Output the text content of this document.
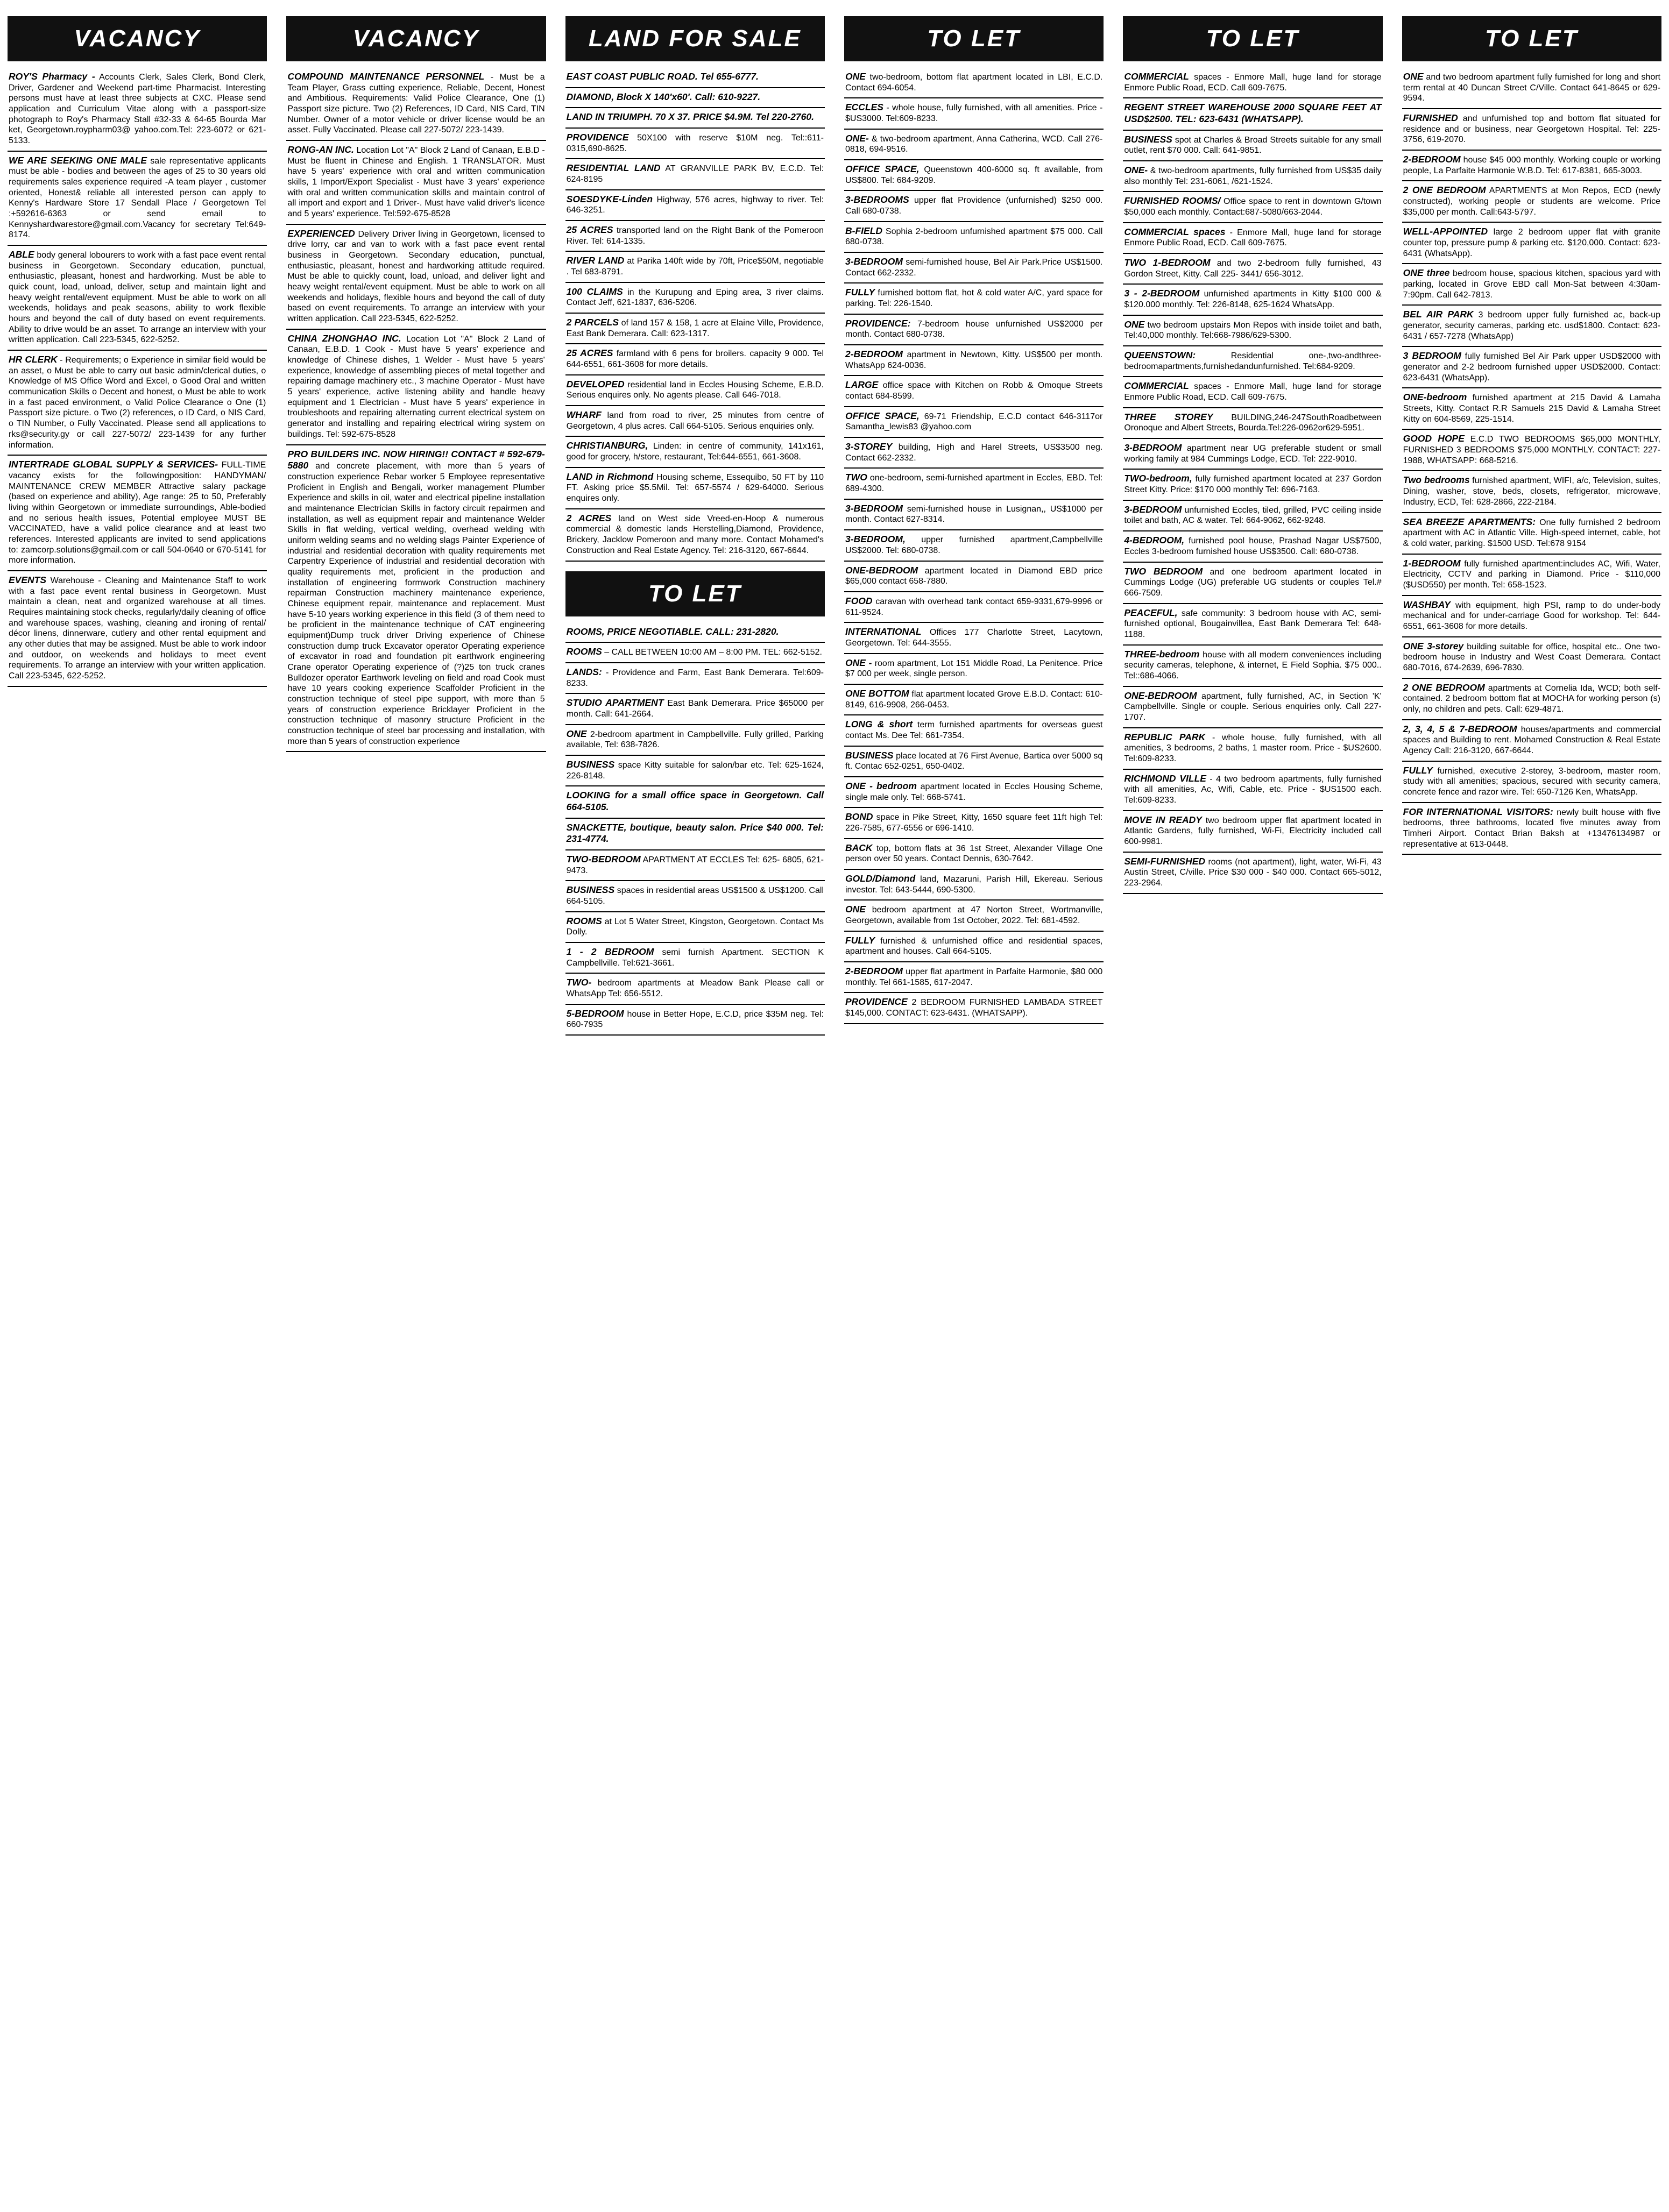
VACANCY
ROY'S Pharmacy - Accounts Clerk, Sales Clerk, Bond Clerk, Driver, Gardener and Weekend part-time Pharmacist. Interesting persons must have at least three subjects at CXC. Please send application and Curriculum Vitae along with a passport-size photograph to Roy's Pharmacy Stall #32-33 & 64-65 Bourda Mar ket, Georgetown.roypharm03@ yahoo.com.Tel: 223-6072 or 621-5133.
WE ARE SEEKING ONE MALE sale representative applicants must be able - bodies and between the ages of 25 to 30 years old requirements sales experience required -A team player , customer oriented, Honest& reliable all interested person can apply to Kenny's Hardware Store 17 Sendall Place / Georgetown Tel :+592616-6363 or send email to Kennyshardwarestore@gmail.com.Vacancy for secretary Tel:649-8174.
ABLE body general lobourers to work with a fast pace event rental business in Georgetown. Secondary education, punctual, enthusiastic, pleasant, honest and hardworking. Must be able to quick count, load, unload, deliver, setup and maintain light and heavy weight rental/event equipment. Must be able to work on all weekends, holidays and peak seasons, ability to work flexible hours and beyond the call of duty based on event requirements. Ability to drive would be an asset. To arrange an interview with your written application. Call 223-5345, 622-5252.
HR CLERK - Requirements; o Experience in similar field would be an asset, o Must be able to carry out basic admin/clerical duties, o Knowledge of MS Office Word and Excel, o Good Oral and written communication Skills o Decent and honest, o Must be able to work in a fast paced environment, o Valid Police Clearance o One (1) Passport size picture. o Two (2) references, o ID Card, o NIS Card, o TIN Number, o Fully Vaccinated. Please send all applications to rks@security.gy or call 227-5072/ 223-1439 for any further information.
INTERTRADE GLOBAL SUPPLY & SERVICES- FULL-TIME vacancy exists for the followingposition: HANDYMAN/ MAINTENANCE CREW MEMBER Attractive salary package (based on experience and ability), Age range: 25 to 50, Preferably living within Georgetown or immediate surroundings, Able-bodied and no serious health issues, Potential employee MUST BE VACCINATED, have a valid police clearance and at least two references. Interested applicants are invited to send applications to: zamcorp.solutions@gmail.com or call 504-0640 or 670-5141 for more information.
EVENTS Warehouse - Cleaning and Maintenance Staff to work with a fast pace event rental business in Georgetown. Must maintain a clean, neat and organized warehouse at all times. Requires maintaining stock checks, regularly/daily cleaning of office and warehouse spaces, washing, cleaning and ironing of rental/ décor linens, dinnerware, cutlery and other rental equipment and any other duties that may be assigned. Must be able to work indoor and outdoor, on weekends and holidays to meet event requirements. To arrange an interview with your written application. Call 223-5345, 622-5252.
VACANCY
COMPOUND MAINTENANCE PERSONNEL - Must be a Team Player, Grass cutting experience, Reliable, Decent, Honest and Ambitious. Requirements: Valid Police Clearance, One (1) Passport size picture. Two (2) References, ID Card, NIS Card, TIN Number. Owner of a motor vehicle or driver license would be an asset. Fully Vaccinated. Please call 227-5072/ 223-1439.
RONG-AN INC. Location Lot "A" Block 2 Land of Canaan, E.B.D - Must be fluent in Chinese and English. 1 TRANSLATOR. Must have 5 years' experience with oral and written communication skills, 1 Import/Export Specialist - Must have 3 years' experience with oral and written communication skills and maintain control of all import and export and 1 Driver-. Must have valid driver's licence and 5 years' experience. Tel:592-675-8528
EXPERIENCED Delivery Driver living in Georgetown, licensed to drive lorry, car and van to work with a fast pace event rental business in Georgetown. Secondary education, punctual, enthusiastic, pleasant, honest and hardworking attitude required. Must be able to quickly count, load, unload, and deliver light and heavy weight rental/event equipment. Must be able to work on all weekends and holidays, flexible hours and beyond the call of duty based on event requirements. To arrange an interview with your written application. Call 223-5345, 622-5252.
CHINA ZHONGHAO INC. Location Lot "A" Block 2 Land of Canaan, E.B.D. 1 Cook - Must have 5 years' experience and knowledge of Chinese dishes, 1 Welder - Must have 5 years' experience, knowledge of assembling pieces of metal together and repairing damage machinery etc., 3 machine Operator - Must have 5 years' experience, active listening ability and handle heavy equipment and 1 Electrician - Must have 5 years' experience in troubleshoots and repairing alternating current electrical system on generator and installing and repairing electrical wiring system on buildings. Tel: 592-675-8528
PRO BUILDERS INC. NOW HIRING!! CONTACT # 592-679-5880 and concrete placement, with more than 5 years of construction experience Rebar worker 5 Employee representative Proficient in English and Bengali, worker management Plumber Experience and skills in oil, water and electrical pipeline installation and maintenance Electrician Skills in factory circuit repairmen and installation, as well as equipment repair and maintenance Welder Skills in flat welding, vertical welding, overhead welding with uniform welding seams and no welding slags Painter Experience of industrial and residential decoration with quality requirements met Carpentry Experience of industrial and residential decoration with quality requirements met, proficient in the production and installation of engineering formwork Construction machinery repairman Construction machinery maintenance experience, Chinese equipment repair, maintenance and replacement. Must have 5-10 years working experience in this field (3 of them need to be proficient in the maintenance technique of CAT engineering equipment)Dump truck driver Driving experience of Chinese construction dump truck Excavator operator Operating experience of excavator in road and foundation pit earthwork engineering Crane operator Operating experience of (?)25 ton truck cranes Bulldozer operator Earthwork leveling on field and road Cook must have 10 years cooking experience Scaffolder Proficient in the construction technique of steel pipe support, with more than 5 years of construction experience Bricklayer Proficient in the construction technique of masonry structure Proficient in the construction technique of steel bar processing and installation, with more than 5 years of construction experience
LAND FOR SALE
EAST COAST PUBLIC ROAD. Tel 655-6777.
DIAMOND, Block X 140'x60'. Call: 610-9227.
LAND IN TRIUMPH. 70 X 37. PRICE $4.9M. Tel 220-2760.
PROVIDENCE 50X100 with reserve $10M neg. Tel::611-0315,690-8625.
RESIDENTIAL LAND AT GRANVILLE PARK BV, E.C.D. Tel: 624-8195
SOESDYKE-Linden Highway, 576 acres, highway to river. Tel: 646-3251.
25 ACRES transported land on the Right Bank of the Pomeroon River. Tel: 614-1335.
RIVER LAND at Parika 140ft wide by 70ft, Price$50M, negotiable . Tel 683-8791.
100 CLAIMS in the Kurupung and Eping area, 3 river claims. Contact Jeff, 621-1837, 636-5206.
2 PARCELS of land 157 & 158, 1 acre at Elaine Ville, Providence, East Bank Demerara. Call: 623-1317.
25 ACRES farmland with 6 pens for broilers. capacity 9 000. Tel 644-6551, 661-3608 for more details.
DEVELOPED residential land in Eccles Housing Scheme, E.B.D. Serious enquires only. No agents please. Call 646-7018.
WHARF land from road to river, 25 minutes from centre of Georgetown, 4 plus acres. Call 664-5105. Serious enquiries only.
CHRISTIANBURG, Linden: in centre of community, 141x161, good for grocery, h/store, restaurant, Tel:644-6551, 661-3608.
LAND in Richmond Housing scheme, Essequibo, 50 FT by 110 FT. Asking price $5.5Mil. Tel: 657-5574 / 629-64000. Serious enquires only.
2 ACRES land on West side Vreed-en-Hoop & numerous commercial & domestic lands Herstelling,Diamond, Providence, Brickery, Jacklow Pomeroon and many more. Contact Mohamed's Construction and Real Estate Agency. Tel: 216-3120, 667-6644.
TO LET
ROOMS, PRICE NEGOTIABLE. CALL: 231-2820.
ROOMS – CALL BETWEEN 10:00 AM – 8:00 PM. TEL: 662-5152.
LANDS: - Providence and Farm, East Bank Demerara. Tel:609-8233.
STUDIO APARTMENT East Bank Demerara. Price $65000 per month. Call: 641-2664.
ONE 2-bedroom apartment in Campbellville. Fully grilled, Parking available, Tel: 638-7826.
BUSINESS space Kitty suitable for salon/bar etc. Tel: 625-1624, 226-8148.
LOOKING for a small office space in Georgetown. Call 664-5105.
SNACKETTE, boutique, beauty salon. Price $40 000. Tel: 231-4774.
TWO-BEDROOM APARTMENT AT ECCLES Tel: 625- 6805, 621-9473.
BUSINESS spaces in residential areas US$1500 & US$1200. Call 664-5105.
ROOMS at Lot 5 Water Street, Kingston, Georgetown. Contact Ms Dolly.
1 - 2 BEDROOM semi furnish Apartment. SECTION K Campbellville. Tel:621-3661.
TWO- bedroom apartments at Meadow Bank Please call or WhatsApp Tel: 656-5512.
5-BEDROOM house in Better Hope, E.C.D, price $35M neg. Tel: 660-7935
TO LET
ONE two-bedroom, bottom flat apartment located in LBI, E.C.D. Contact 694-6054.
ECCLES - whole house, fully furnished, with all amenities. Price - $US3000. Tel:609-8233.
ONE- & two-bedroom apartment, Anna Catherina, WCD. Call 276-0818, 694-9516.
OFFICE SPACE, Queenstown 400-6000 sq. ft available, from US$800. Tel: 684-9209.
3-BEDROOMS upper flat Providence (unfurnished) $250 000. Call 680-0738.
B-FIELD Sophia 2-bedroom unfurnished apartment $75 000. Call 680-0738.
3-BEDROOM semi-furnished house, Bel Air Park.Price US$1500. Contact 662-2332.
FULLY furnished bottom flat, hot & cold water A/C, yard space for parking. Tel: 226-1540.
PROVIDENCE: 7-bedroom house unfurnished US$2000 per month. Contact 680-0738.
2-BEDROOM apartment in Newtown, Kitty. US$500 per month. WhatsApp 624-0036.
LARGE office space with Kitchen on Robb & Omoque Streets contact 684-8599.
OFFICE SPACE, 69-71 Friendship, E.C.D contact 646-3117or Samantha_lewis83 @yahoo.com
3-STOREY building, High and Harel Streets, US$3500 neg. Contact 662-2332.
TWO one-bedroom, semi-furnished apartment in Eccles, EBD. Tel: 689-4300.
3-BEDROOM semi-furnished house in Lusignan,, US$1000 per month. Contact 627-8314.
3-BEDROOM, upper furnished apartment,Campbellville US$2000. Tel: 680-0738.
ONE-BEDROOM apartment located in Diamond EBD price $65,000 contact 658-7880.
FOOD caravan with overhead tank contact 659-9331,679-9996 or 611-9524.
INTERNATIONAL Offices 177 Charlotte Street, Lacytown, Georgetown. Tel: 644-3555.
ONE - room apartment, Lot 151 Middle Road, La Penitence. Price $7 000 per week, single person.
ONE BOTTOM flat apartment located Grove E.B.D. Contact: 610-8149, 616-9908, 266-0453.
LONG & short term furnished apartments for overseas guest contact Ms. Dee Tel: 661-7354.
BUSINESS place located at 76 First Avenue, Bartica over 5000 sq ft. Contac 652-0251, 650-0402.
ONE - bedroom apartment located in Eccles Housing Scheme, single male only. Tel: 668-5741.
BOND space in Pike Street, Kitty, 1650 square feet 11ft high Tel: 226-7585, 677-6556 or 696-1410.
BACK top, bottom flats at 36 1st Street, Alexander Village One person over 50 years. Contact Dennis, 630-7642.
GOLD/Diamond land, Mazaruni, Parish Hill, Ekereau. Serious investor. Tel: 643-5444, 690-5300.
ONE bedroom apartment at 47 Norton Street, Wortmanville, Georgetown, available from 1st October, 2022. Tel: 681-4592.
FULLY furnished & unfurnished office and residential spaces, apartment and houses. Call 664-5105.
2-BEDROOM upper flat apartment in Parfaite Harmonie, $80 000 monthly. Tel 661-1585, 617-2047.
PROVIDENCE 2 BEDROOM FURNISHED LAMBADA STREET $145,000. CONTACT: 623-6431. (WHATSAPP).
TO LET
COMMERCIAL spaces - Enmore Mall, huge land for storage Enmore Public Road, ECD. Call 609-7675.
REGENT STREET WAREHOUSE 2000 SQUARE FEET AT USD$2500. TEL: 623-6431 (WHATSAPP).
BUSINESS spot at Charles & Broad Streets suitable for any small outlet, rent $70 000. Call: 641-9851.
ONE- & two-bedroom apartments, fully furnished from US$35 daily also monthly Tel: 231-6061, /621-1524.
FURNISHED ROOMS/ Office space to rent in downtown G/town $50,000 each monthly. Contact:687-5080/663-2044.
COMMERCIAL spaces - Enmore Mall, huge land for storage Enmore Public Road, ECD. Call 609-7675.
TWO 1-BEDROOM and two 2-bedroom fully furnished, 43 Gordon Street, Kitty. Call 225- 3441/ 656-3012.
3 - 2-BEDROOM unfurnished apartments in Kitty $100 000 & $120.000 monthly. Tel: 226-8148, 625-1624 WhatsApp.
ONE two bedroom upstairs Mon Repos with inside toilet and bath, Tel:40,000 monthly. Tel:668-7986/629-5300.
QUEENSTOWN:	Residential one-,two-andthree-bedroomapartments,furnishedandunfurnished. Tel:684-9209.
COMMERCIAL spaces - Enmore Mall, huge land for storage Enmore Public Road, ECD. Call 609-7675.
THREE STOREY BUILDING,246-247SouthRoadbetween Oronoque and Albert Streets, Bourda.Tel:226-0962or629-5951.
3-BEDROOM apartment near UG preferable student or small working family at 984 Cummings Lodge, ECD. Tel: 222-9010.
TWO-bedroom, fully furnished apartment located at 237 Gordon Street Kitty. Price: $170 000 monthly Tel: 696-7163.
3-BEDROOM unfurnished Eccles, tiled, grilled, PVC ceiling inside toilet and bath, AC & water. Tel: 664-9062, 662-9248.
4-BEDROOM, furnished pool house, Prashad Nagar US$7500, Eccles 3-bedroom furnished house US$3500. Call: 680-0738.
TWO BEDROOM and one bedroom apartment located in Cummings Lodge (UG) preferable UG students or couples Tel.# 666-7509.
PEACEFUL, safe community: 3 bedroom house with AC, semi-furnished optional, Bougainvillea, East Bank Demerara Tel: 648-1188.
THREE-bedroom house with all modern conveniences including security cameras, telephone, & internet, E Field Sophia. $75 000.. Tel::686-4066.
ONE-BEDROOM apartment, fully furnished, AC, in Section 'K' Campbellville. Single or couple. Serious enquiries only. Call 227-1707.
REPUBLIC PARK - whole house, fully furnished, with all amenities, 3 bedrooms, 2 baths, 1 master room. Price - $US2600. Tel:609-8233.
RICHMOND VILLE - 4 two bedroom apartments, fully furnished with all amenities, Ac, Wifi, Cable, etc. Price - $US1500 each. Tel:609-8233.
MOVE IN READY two bedroom upper flat apartment located in Atlantic Gardens, fully furnished, Wi-Fi, Electricity included call 600-9981.
SEMI-FURNISHED rooms (not apartment), light, water, Wi-Fi, 43 Austin Street, C/ville. Price $30 000 - $40 000. Contact 665-5012, 223-2964.
TO LET
ONE and two bedroom apartment fully furnished for long and short term rental at 40 Duncan Street C/Ville. Contact 641-8645 or 629-9594.
FURNISHED and unfurnished top and bottom flat situated for residence and or business, near Georgetown Hospital. Tel: 225-3756, 619-2070.
2-BEDROOM house $45 000 monthly. Working couple or working people, La Parfaite Harmonie W.B.D. Tel: 617-8381, 665-3003.
2 ONE BEDROOM APARTMENTS at Mon Repos, ECD (newly constructed), working people or students are welcome. Price $35,000 per month. Call:643-5797.
WELL-APPOINTED large 2 bedroom upper flat with granite counter top, pressure pump & parking etc. $120,000. Contact: 623-6431 (WhatsApp).
ONE three bedroom house, spacious kitchen, spacious yard with parking, located in Grove EBD call Mon-Sat between 4:30am-7:90pm. Call 642-7813.
BEL AIR PARK 3 bedroom upper fully furnished ac, back-up generator, security cameras, parking etc. usd$1800. Contact: 623-6431 / 657-7278 (WhatsApp)
3 BEDROOM fully furnished Bel Air Park upper USD$2000 with generator and 2-2 bedroom furnished upper USD$2000. Contact: 623-6431 (WhatsApp).
ONE-bedroom furnished apartment at 215 David & Lamaha Streets, Kitty. Contact R.R Samuels 215 David & Lamaha Street Kitty on 604-8569, 225-1514.
GOOD HOPE E.C.D TWO BEDROOMS $65,000 MONTHLY, FURNISHED 3 BEDROOMS $75,000 MONTHLY. CONTACT: 227-1988, WHATSAPP: 668-5216.
Two bedrooms furnished apartment, WIFI, a/c, Television, suites, Dining, washer, stove, beds, closets, refrigerator, microwave, Industry, ECD, Tel: 628-2866, 222-2184.
SEA BREEZE APARTMENTS: One fully furnished 2 bedroom apartment with AC in Atlantic Ville. High-speed internet, cable, hot & cold water, parking. $1500 USD. Tel:678 9154
1-BEDROOM fully furnished apartment:includes AC, Wifi, Water, Electricity, CCTV and parking in Diamond. Price - $110,000 ($USD550) per month. Tel: 658-1523.
WASHBAY with equipment, high PSI, ramp to do under-body mechanical and for under-carriage Good for workshop. Tel: 644-6551, 661-3608 for more details.
ONE 3-storey building suitable for office, hospital etc.. One two-bedroom house in Industry and West Coast Demerara. Contact 680-7016, 674-2639, 696-7830.
2 ONE BEDROOM apartments at Cornelia Ida, WCD; both self-contained. 2 bedroom bottom flat at MOCHA for working person (s) only, no children and pets. Call: 629-4871.
2, 3, 4, 5 & 7-BEDROOM houses/apartments and commercial spaces and Building to rent. Mohamed Construction & Real Estate Agency Call: 216-3120, 667-6644.
FULLY furnished, executive 2-storey, 3-bedroom, master room, study with all amenities; spacious, secured with security camera, concrete fence and razor wire. Tel: 650-7126 Ken, WhatsApp.
FOR INTERNATIONAL VISITORS: newly built house with five bedrooms, three bathrooms, located five minutes away from Timheri Airport. Contact Brian Baksh at +13476134987 or representative at 613-0448.
